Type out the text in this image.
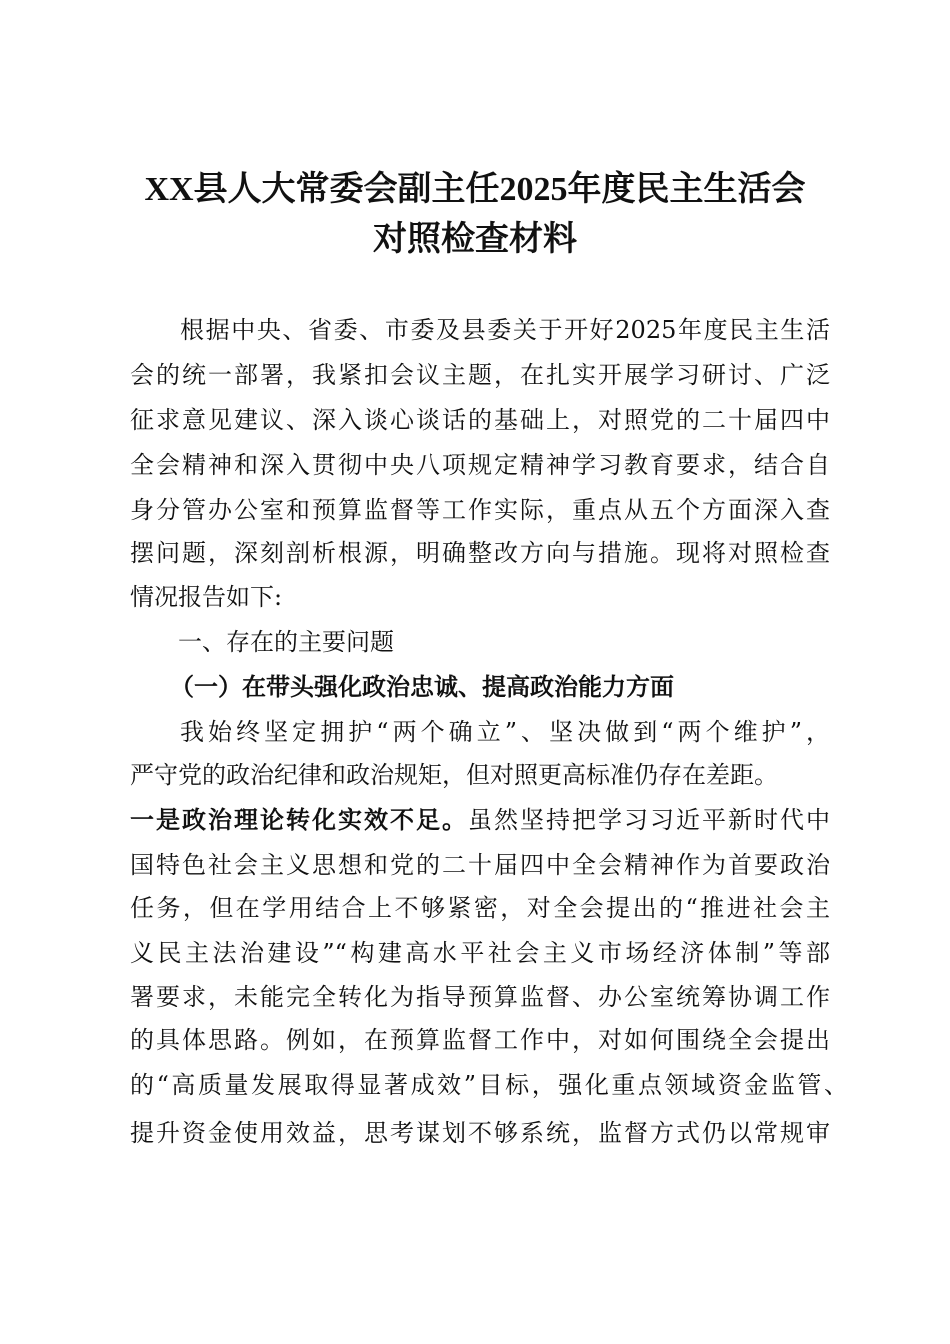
XX县人大常委会副主任2025年度民主生活会
对照检查材料
根据中央、省委、市委及县委关于开好2025年度民主生活
会的统一部署，我紧扣会议主题，在扎实开展学习研讨、广泛
征求意见建议、深入谈心谈话的基础上，对照党的二十届四中
全会精神和深入贯彻中央八项规定精神学习教育要求，结合自
身分管办公室和预算监督等工作实际，重点从五个方面深入查
摆问题，深刻剖析根源，明确整改方向与措施。现将对照检查
情况报告如下:
一、存在的主要问题
（一）在带头强化政治忠诚、提高政治能力方面
我始终坚定拥护“两个确立”、坚决做到“两个维护”，
严守党的政治纪律和政治规矩，但对照更高标准仍存在差距。
一是政治理论转化实效不足。虽然坚持把学习习近平新时代中
国特色社会主义思想和党的二十届四中全会精神作为首要政治
任务，但在学用结合上不够紧密，对全会提出的“推进社会主
义民主法治建设”“构建高水平社会主义市场经济体制”等部
署要求，未能完全转化为指导预算监督、办公室统筹协调工作
的具体思路。例如，在预算监督工作中，对如何围绕全会提出
的“高质量发展取得显著成效”目标，强化重点领域资金监管、
提升资金使用效益，思考谋划不够系统，监督方式仍以常规审
